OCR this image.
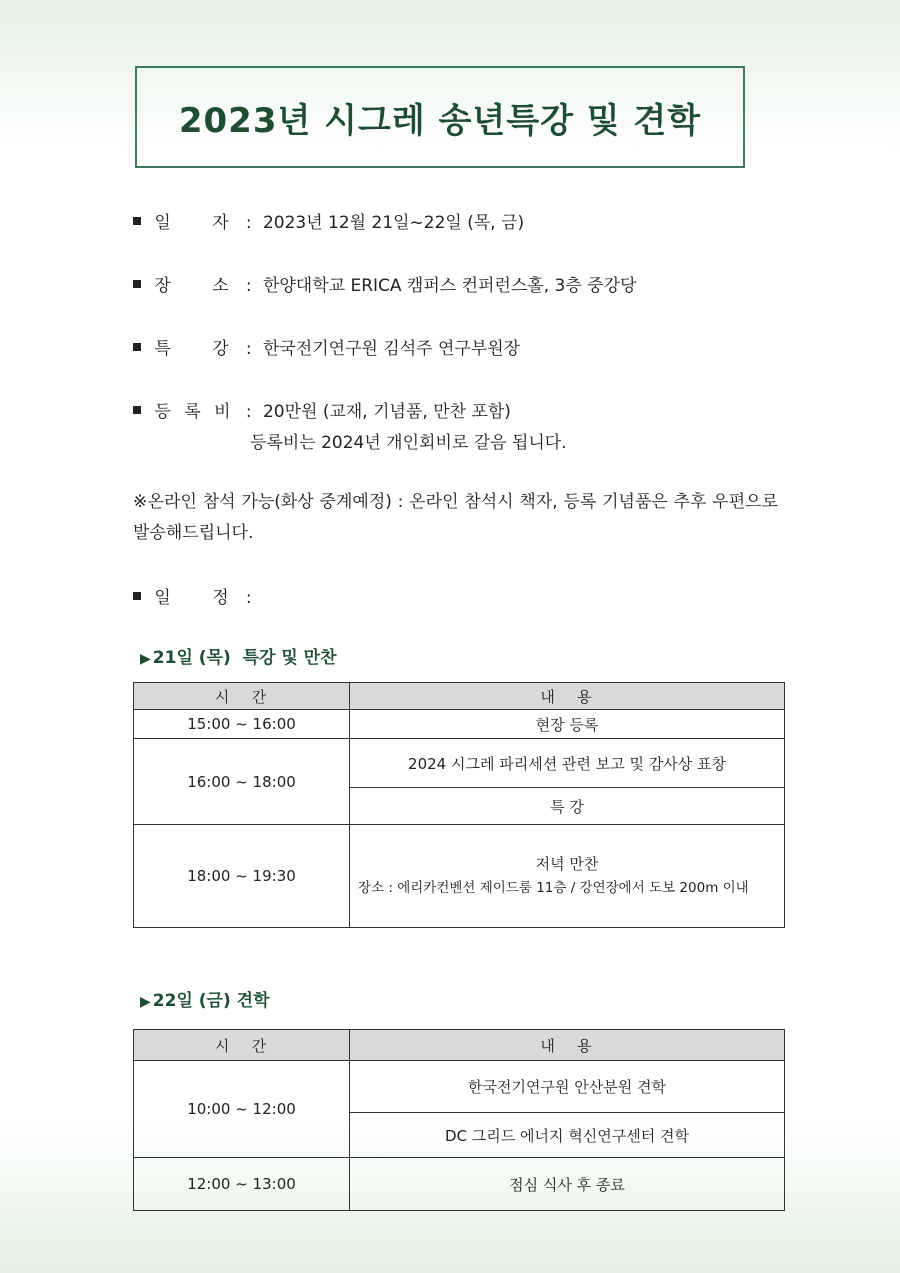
2023년 시그레 송년특강 및 견학
일 자 : 2023년 12월 21일~22일 (목, 금)
장 소 : 한양대학교 ERICA 캠퍼스 컨퍼런스홀, 3층 중강당
특 강 : 한국전기연구원 김석주 연구부원장
등 록 비 : 20만원 (교재, 기념품, 만찬 포함)
등록비는 2024년 개인회비로 갈음 됩니다.
※온라인 참석 가능(화상 중계예정) : 온라인 참석시 책자, 등록 기념품은 추후 우편으로 발송해드립니다.
일 정 :
▶ 21일 (목)  특강 및 만찬
시   간	내   용
15:00 ~ 16:00	현장 등록
16:00 ~ 18:00	2024 시그레 파리세션 관련 보고 및 감사상 표창
	특 강
18:00 ~ 19:30	저녁 만찬
장소 : 에리카컨벤션 제이드룸 11층 / 강연장에서 도보 200m 이내
▶ 22일 (금) 견학
시   간	내   용
10:00 ~ 12:00	한국전기연구원 안산분원 견학
	DC 그리드 에너지 혁신연구센터 견학
12:00 ~ 13:00	점심 식사 후 종료
